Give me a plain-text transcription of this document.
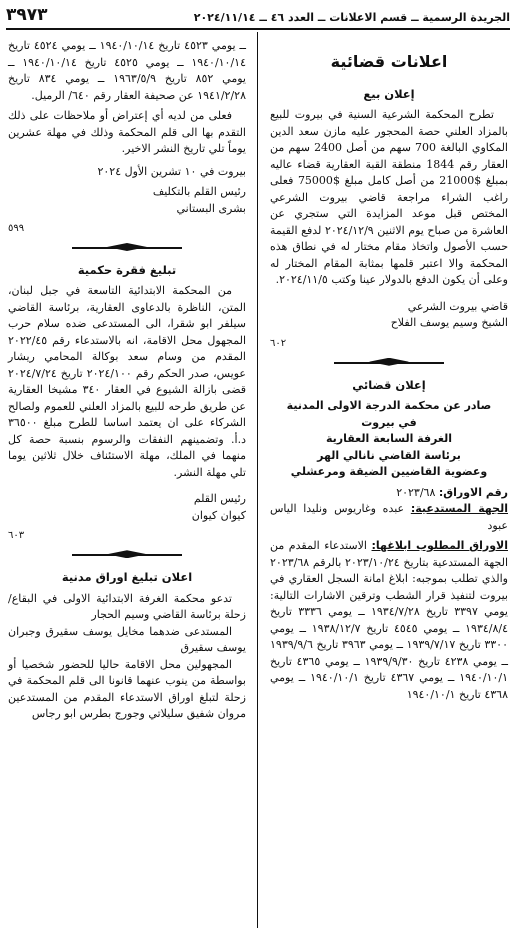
الجريدة الرسمية ــ قسم الاعلانات ــ العدد ٤٦ ــ ٢٠٢٤/١١/١٤
٣٩٧٣
اعلانات قضائية
إعلان بيع

تطرح المحكمة الشرعية السنية في بيروت للبيع بالمزاد العلني حصة المحجور عليه مازن سعد الدين المكاوي البالغة 700 سهم من أصل 2400 سهم من العقار رقم 1844 منطقة القبة العقارية قضاء عاليه بمبلغ $21000 من أصل كامل مبلغ $75000 فعلى راغب الشراء مراجعة قاضي بيروت الشرعي المختص قبل موعد المزايدة التي ستجري عن العاشرة من صباح يوم الاثنين ٢٠٢٤/١٢/٩ لدفع القيمة حسب الأصول واتخاذ مقام مختار له في نطاق هذه المحكمة والا اعتبر قلمها بمثابة المقام المختار له وعلى أن يكون الدفع بالدولار عينا وكتب ٢٠٢٤/١١/٥.

قاضي بيروت الشرعي

الشيخ وسيم يوسف الفلاح

٦٠٢

إعلان قضائي

صادر عن محكمة الدرجة الاولى المدنية

في بيروت

الغرفة السابعة العقارية

برئاسة القاضي نانالي الهر

وعضوية القاضيين الضيقة ومرعشلي

رقم الاوراق: ٢٠٢٣/٦٨

الجهة المستدعية: عبده وغاريوس ونليدا الياس عبود

الاوراق المطلوب ابلاغها: الاستدعاء المقدم من الجهة المستدعية بتاريخ ٢٠٢٣/١٠/٢٤ بالرقم ٢٠٢٣/٦٨ والذي تطلب بموجبه: ابلاغ امانة السجل العقاري في بيروت لتنفيذ قرار الشطب وترقين الاشارات التالية: يومي ٣٣٩٧ تاريخ ١٩٣٤/٧/٢٨ ــ يومي ٣٣٣٦ تاريخ ١٩٣٤/٨/٤ ــ يومي ٤٥٤٥ تاريخ ١٩٣٨/١٢/٧ ــ يومي ٣٣٠٠ تاريخ ١٩٣٩/٧/١٧ ــ يومي ٣٩٦٣ تاريخ ١٩٣٩/٩/٦ ــ يومي ٤٢٣٨ تاريخ ١٩٣٩/٩/٣٠ ــ يومي ٤٣٦٥ تاريخ ١٩٤٠/١٠/١ ــ يومي ٤٣٦٧ تاريخ ١٩٤٠/١٠/١ ــ يومي ٤٣٦٨ تاريخ ١٩٤٠/١٠/١

ــ يومي ٤٥٢٣ تاريخ ١٩٤٠/١٠/١٤ ــ يومي ٤٥٢٤ تاريخ ١٩٤٠/١٠/١٤ ــ يومي ٤٥٢٥ تاريخ ١٩٤٠/١٠/١٤ ــ يومي ٨٥٢ تاريخ ١٩٦٣/٥/٩ ــ يومي ٨٣٤ تاريخ ١٩٤١/٢/٢٨ عن صحيفة العقار رقم ٦٤٠/ الرميل.

فعلى من لديه أي إعتراض أو ملاحظات على ذلك التقدم بها الى قلم المحكمة وذلك في مهلة عشرين يوماً تلي تاريخ النشر الاخير.

بيروت في ١٠ تشرين الأول ٢٠٢٤

رئيس القلم بالتكليف

بشرى البستاني

٥٩٩

تبليغ فقرة حكمية

من المحكمة الابتدائية التاسعة في جبل لبنان، المتن، الناظرة بالدعاوى العقارية، برئاسة القاضي سيلفر ابو شقرا، الى المستدعى ضده سلام حرب المجهول محل الاقامة، انه بالاستدعاء رقم ٢٠٢٢/٤٥ المقدم من وسام سعد بوكالة المحامي ريشار عويس، صدر الحكم رقم ٢٠٢٤/١٠٠ تاريخ ٢٠٢٤/٧/٢٤ قضى بازالة الشيوع في العقار ٣٤٠ مشيخا العقارية عن طريق طرحه للبيع بالمزاد العلني للعموم ولصالح الشركاء على ان يعتمد اساسا للطرح مبلغ ٣٦٥٠٠ د.أ. وتضمينهم النفقات والرسوم بنسبة حصة كل منهما في الملك، مهلة الاستئناف خلال ثلاثين يوما تلي مهلة النشر.

رئيس القلم

كيوان كيوان

٦٠٣

اعلان تبليغ اوراق مدنية

تدعو محكمة الغرفة الابتدائية الاولى في البقاع/ زحلة برئاسة القاضي وسيم الحجار

المستدعى ضدهما مخايل يوسف سقيرق وجبران يوسف سقيرق

المجهولين محل الاقامة حاليا للحضور شخصيا أو بواسطة من ينوب عنهما قانونا الى قلم المحكمة في زحلة لتبلغ اوراق الاستدعاء المقدم من المستدعين مروان شفيق سليلاتي وجورج بطرس ابو رجاس
